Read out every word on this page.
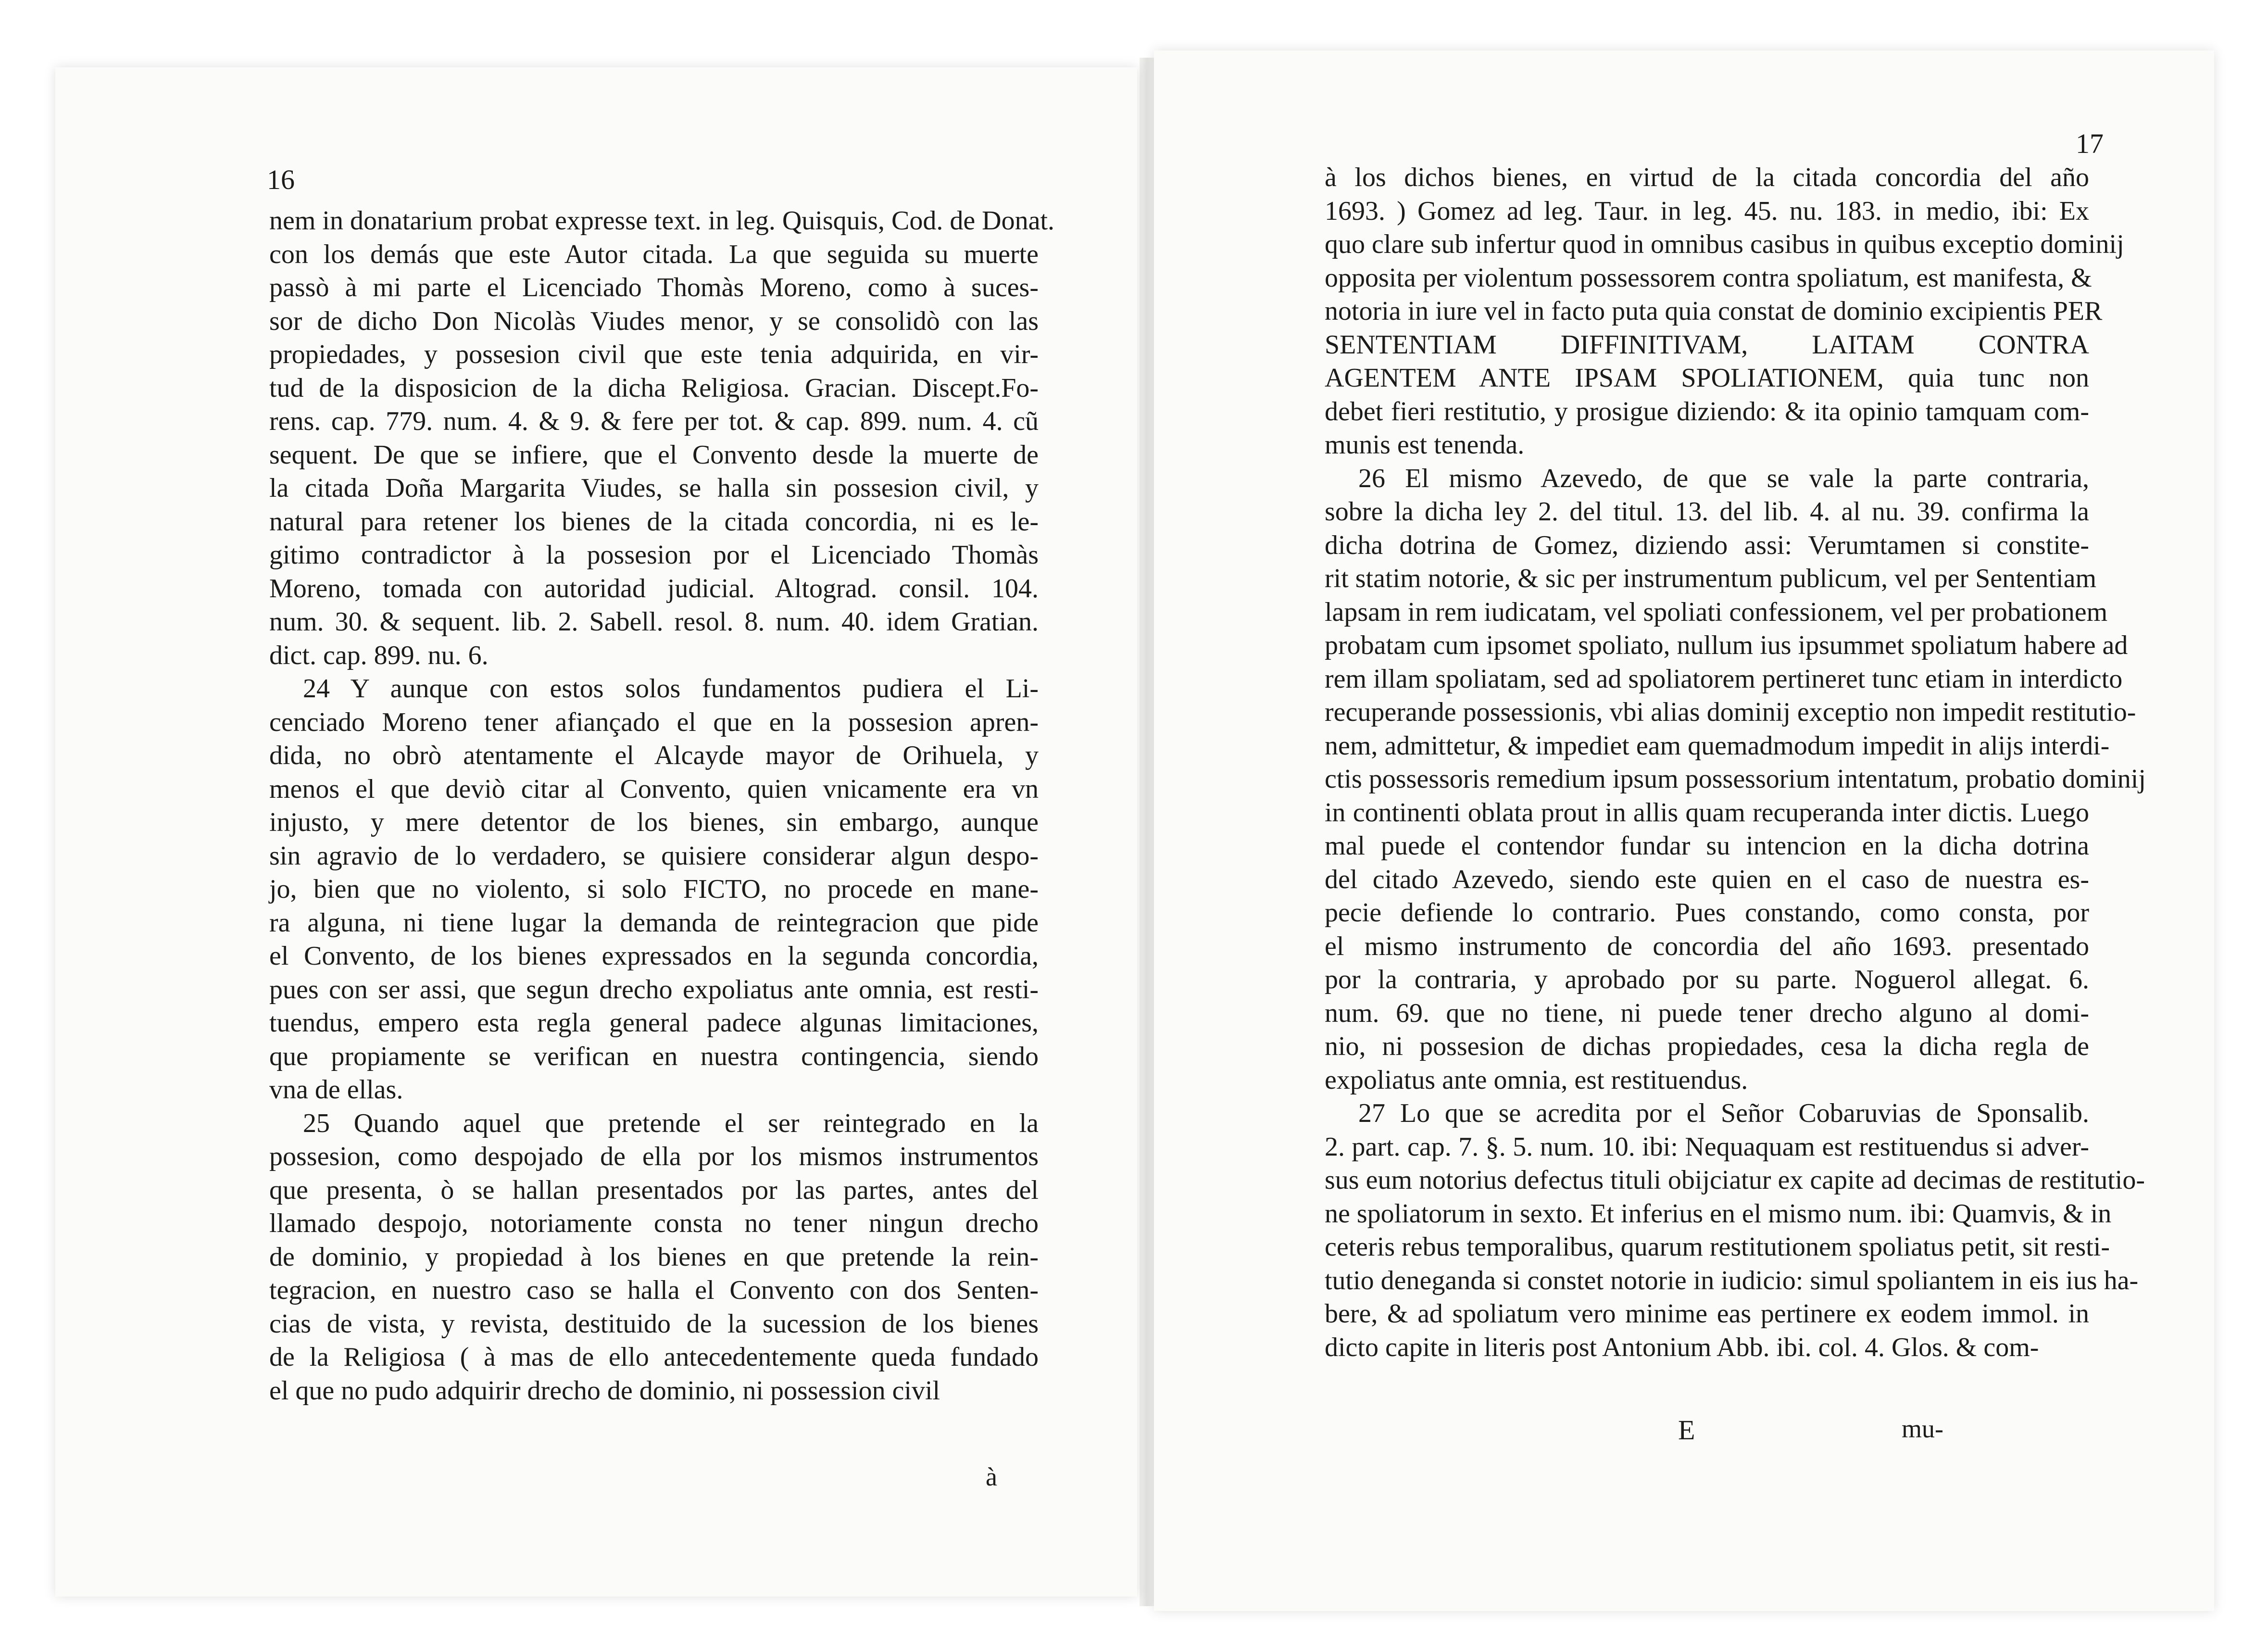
16
nem in donatarium probat expresse text. in leg. Quisquis, Cod. de Donat.
con los demás que este Autor citada. La que seguida su muerte
passò à mi parte el Licenciado Thomàs Moreno, como à suces-
sor de dicho Don Nicolàs Viudes menor, y se consolidò con las
propiedades, y possesion civil que este tenia adquirida, en vir-
tud de la disposicion de la dicha Religiosa. Gracian. Discept.Fo-
rens. cap. 779. num. 4. & 9. & fere per tot. & cap. 899. num. 4. cũ
sequent. De que se infiere, que el Convento desde la muerte de
la citada Doña Margarita Viudes, se halla sin possesion civil, y
natural para retener los bienes de la citada concordia, ni es le-
gitimo contradictor à la possesion por el Licenciado Thomàs
Moreno, tomada con autoridad judicial. Altograd. consil. 104.
num. 30. & sequent. lib. 2. Sabell. resol. 8. num. 40. idem Gratian.
dict. cap. 899. nu. 6.
24 Y aunque con estos solos fundamentos pudiera el Li-
cenciado Moreno tener afiançado el que en la possesion apren-
dida, no obrò atentamente el Alcayde mayor de Orihuela, y
menos el que deviò citar al Convento, quien vnicamente era vn
injusto, y mere detentor de los bienes, sin embargo, aunque
sin agravio de lo verdadero, se quisiere considerar algun despo-
jo, bien que no violento, si solo FICTO, no procede en mane-
ra alguna, ni tiene lugar la demanda de reintegracion que pide
el Convento, de los bienes expressados en la segunda concordia,
pues con ser assi, que segun drecho expoliatus ante omnia, est resti-
tuendus, empero esta regla general padece algunas limitaciones,
que propiamente se verifican en nuestra contingencia, siendo
vna de ellas.
25 Quando aquel que pretende el ser reintegrado en la
possesion, como despojado de ella por los mismos instrumentos
que presenta, ò se hallan presentados por las partes, antes del
llamado despojo, notoriamente consta no tener ningun drecho
de dominio, y propiedad à los bienes en que pretende la rein-
tegracion, en nuestro caso se halla el Convento con dos Senten-
cias de vista, y revista, destituido de la sucession de los bienes
de la Religiosa ( à mas de ello antecedentemente queda fundado
el que no pudo adquirir drecho de dominio, ni possession civil
à
17
à los dichos bienes, en virtud de la citada concordia del año
1693. ) Gomez ad leg. Taur. in leg. 45. nu. 183. in medio, ibi: Ex
quo clare sub infertur quod in omnibus casibus in quibus exceptio dominij
opposita per violentum possessorem contra spoliatum, est manifesta, &
notoria in iure vel in facto puta quia constat de dominio excipientis PER
SENTENTIAM DIFFINITIVAM, LAITAM CONTRA
AGENTEM ANTE IPSAM SPOLIATIONEM, quia tunc non
debet fieri restitutio, y prosigue diziendo: & ita opinio tamquam com-
munis est tenenda.
26 El mismo Azevedo, de que se vale la parte contraria,
sobre la dicha ley 2. del titul. 13. del lib. 4. al nu. 39. confirma la
dicha dotrina de Gomez, diziendo assi: Verumtamen si constite-
rit statim notorie, & sic per instrumentum publicum, vel per Sententiam
lapsam in rem iudicatam, vel spoliati confessionem, vel per probationem
probatam cum ipsomet spoliato, nullum ius ipsummet spoliatum habere ad
rem illam spoliatam, sed ad spoliatorem pertineret tunc etiam in interdicto
recuperande possessionis, vbi alias dominij exceptio non impedit restitutio-
nem, admittetur, & impediet eam quemadmodum impedit in alijs interdi-
ctis possessoris remedium ipsum possessorium intentatum, probatio dominij
in continenti oblata prout in allis quam recuperanda inter dictis. Luego
mal puede el contendor fundar su intencion en la dicha dotrina
del citado Azevedo, siendo este quien en el caso de nuestra es-
pecie defiende lo contrario. Pues constando, como consta, por
el mismo instrumento de concordia del año 1693. presentado
por la contraria, y aprobado por su parte. Noguerol allegat. 6.
num. 69. que no tiene, ni puede tener drecho alguno al domi-
nio, ni possesion de dichas propiedades, cesa la dicha regla de
expoliatus ante omnia, est restituendus.
27 Lo que se acredita por el Señor Cobaruvias de Sponsalib.
2. part. cap. 7. §. 5. num. 10. ibi: Nequaquam est restituendus si adver-
sus eum notorius defectus tituli obijciatur ex capite ad decimas de restitutio-
ne spoliatorum in sexto. Et inferius en el mismo num. ibi: Quamvis, & in
ceteris rebus temporalibus, quarum restitutionem spoliatus petit, sit resti-
tutio deneganda si constet notorie in iudicio: simul spoliantem in eis ius ha-
bere, & ad spoliatum vero minime eas pertinere ex eodem immol. in
dicto capite in literis post Antonium Abb. ibi. col. 4. Glos. & com-
E	mu-
